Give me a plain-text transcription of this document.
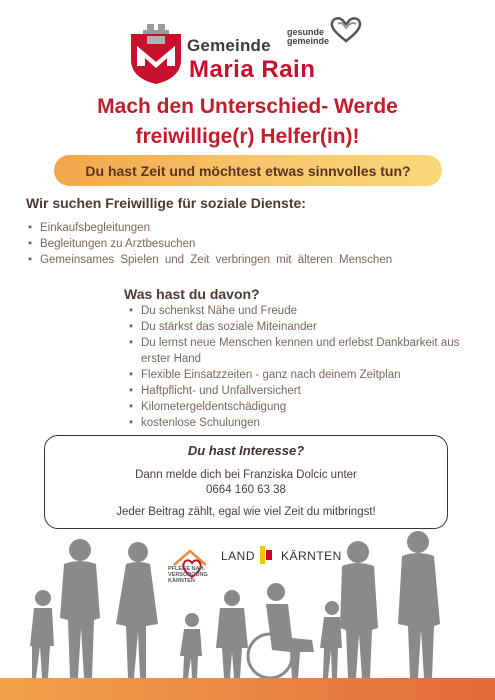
Gemeinde
gesunde
gemeinde
Maria Rain
Mach den Unterschied- Werde
freiwillige(r) Helfer(in)!
Du hast Zeit und möchtest etwas sinnvolles tun?
Wir suchen Freiwillige für soziale Dienste:
• Einkaufsbegleitungen
• Begleitungen zu Arztbesuchen
• Gemeinsames Spielen und Zeit verbringen mit älteren Menschen
Was hast du davon?
• Du schenkst Nähe und Freude
• Du stärkst das soziale Miteinander
• Du lernst neue Menschen kennen und erlebst Dankbarkeit aus erster Hand
• Flexible Einsatzzeiten - ganz nach deinem Zeitplan
• Haftpflicht- und Unfallversichert
• Kilometergeldentschädigung
• kostenlose Schulungen
Du hast Interesse?
Dann melde dich bei Franziska Dolcic unter
0664 160 63 38
Jeder Beitrag zählt, egal wie viel Zeit du mitbringst!
PFLEGE NAH.
VERSORGUNG
KÄRNTEN
LAND KÄRNTEN
